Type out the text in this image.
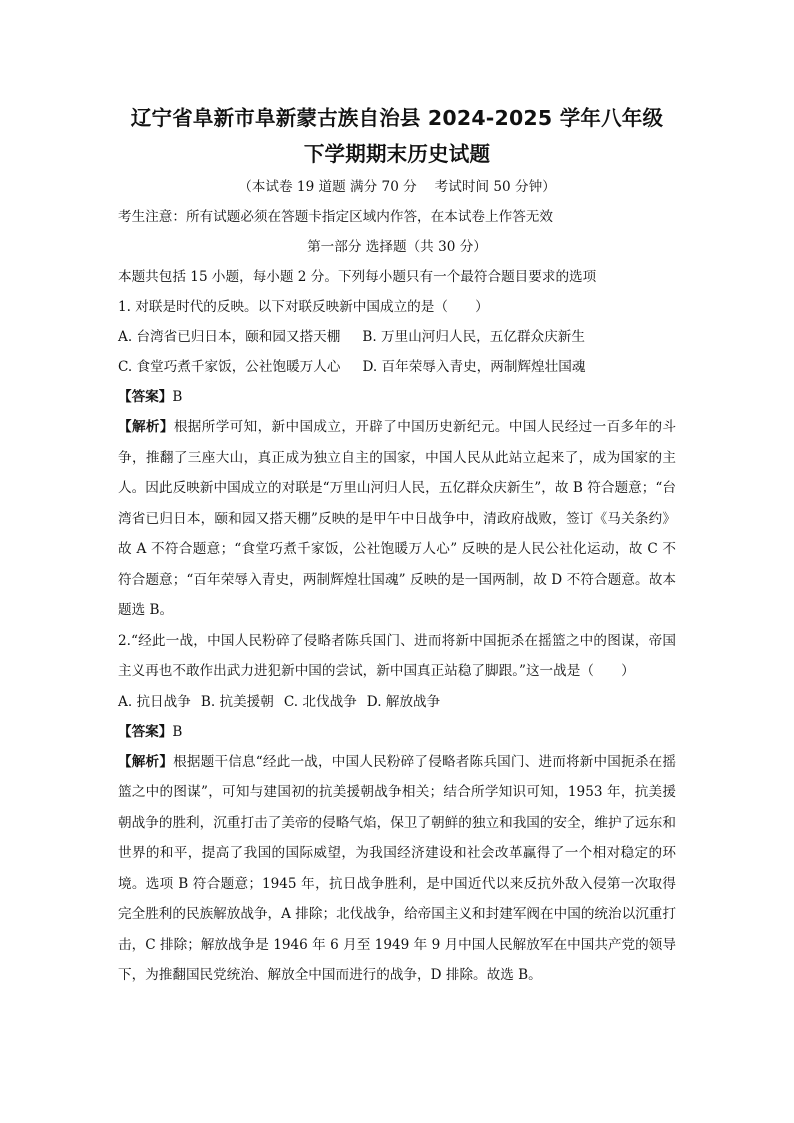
辽宁省阜新市阜新蒙古族自治县 2024-2025 学年八年级
下学期期末历史试题
（本试卷 19 道题 满分 70 分　 考试时间 50 分钟）
考生注意：所有试题必须在答题卡指定区域内作答，在本试卷上作答无效
第一部分 选择题（共 30 分）
本题共包括 15 小题，每小题 2 分。下列每小题只有一个最符合题目要求的选项
1. 对联是时代的反映。以下对联反映新中国成立的是（　　）
A. 台湾省已归日本，颐和园又搭天棚 B. 万里山河归人民，五亿群众庆新生
C. 食堂巧煮千家饭，公社饱暖万人心 D. 百年荣辱入青史，两制辉煌壮国魂
【答案】B

【解析】根据所学可知，新中国成立，开辟了中国历史新纪元。中国人民经过一百多年的斗争，推翻了三座大山，真正成为独立自主的国家，中国人民从此站立起来了，成为国家的主人。因此反映新中国成立的对联是“万里山河归人民，五亿群众庆新生”，故 B 符合题意；“台湾省已归日本，颐和园又搭天棚”反映的是甲午中日战争中，清政府战败，签订《马关条约》故 A 不符合题意；“食堂巧煮千家饭，公社饱暖万人心” 反映的是人民公社化运动，故 C 不符合题意；“百年荣辱入青史，两制辉煌壮国魂” 反映的是一国两制，故 D 不符合题意。故本题选 B。

2.“经此一战，中国人民粉碎了侵略者陈兵国门、进而将新中国扼杀在摇篮之中的图谋，帝国主义再也不敢作出武力进犯新中国的尝试，新中国真正站稳了脚跟。”这一战是（　　）

A. 抗日战争 B. 抗美援朝 C. 北伐战争 D. 解放战争
【答案】B

【解析】根据题干信息“经此一战，中国人民粉碎了侵略者陈兵国门、进而将新中国扼杀在摇篮之中的图谋”，可知与建国初的抗美援朝战争相关；结合所学知识可知，1953 年，抗美援朝战争的胜利，沉重打击了美帝的侵略气焰，保卫了朝鲜的独立和我国的安全，维护了远东和世界的和平，提高了我国的国际威望，为我国经济建设和社会改革赢得了一个相对稳定的环境。选项 B 符合题意；1945 年，抗日战争胜利，是中国近代以来反抗外敌入侵第一次取得完全胜利的民族解放战争，A 排除；北伐战争，给帝国主义和封建军阀在中国的统治以沉重打击，C 排除；解放战争是 1946 年 6 月至 1949 年 9 月中国人民解放军在中国共产党的领导下，为推翻国民党统治、解放全中国而进行的战争，D 排除。故选 B。
